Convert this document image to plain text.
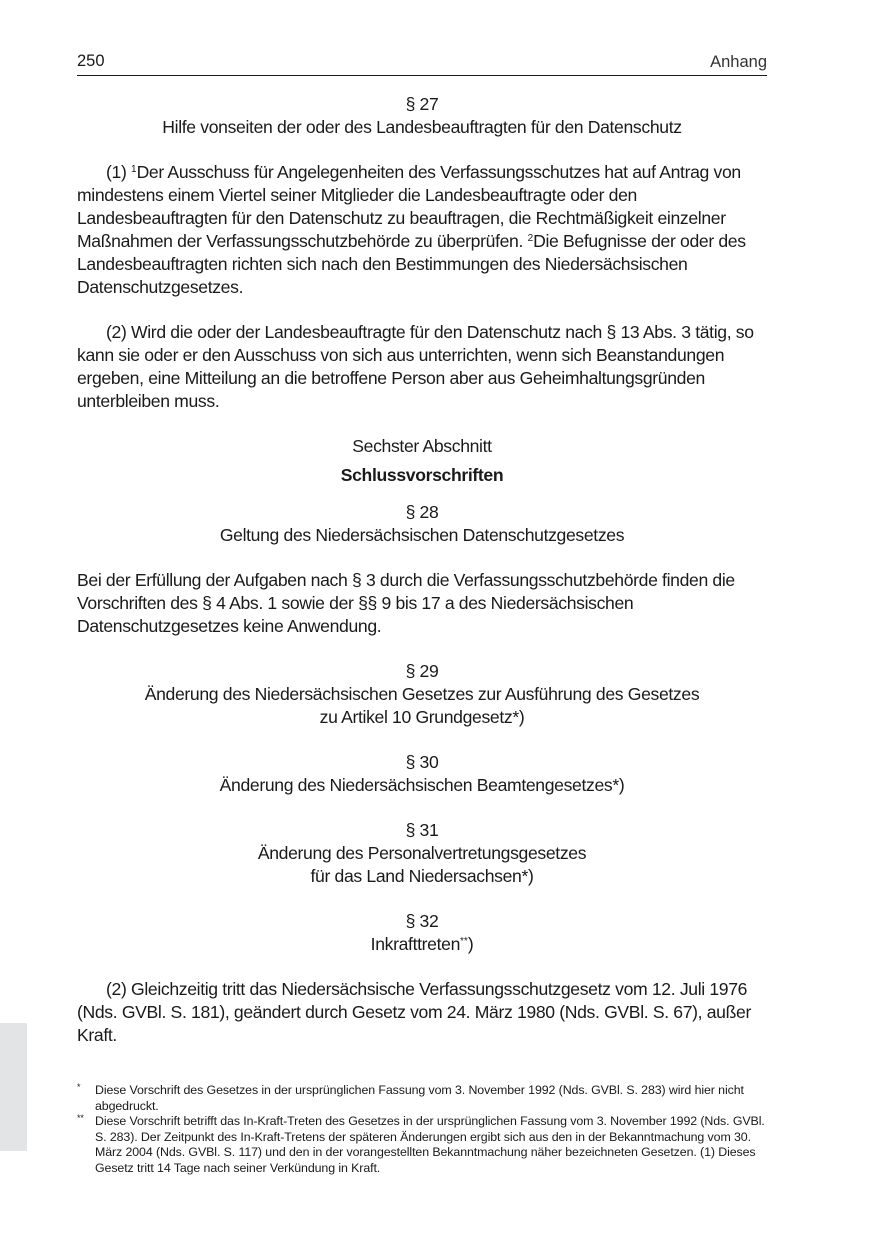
250	Anhang
§ 27
Hilfe vonseiten der oder des Landesbeauftragten für den Datenschutz

(1) $^1$Der Ausschuss für Angelegenheiten des Verfassungsschutzes hat auf Antrag von mindestens einem Viertel seiner Mitglieder die Landesbeauftragte oder den Landesbeauftragten für den Datenschutz zu beauftragen, die Rechtmäßigkeit einzelner Maßnahmen der Verfassungsschutzbehörde zu überprüfen. $^2$Die Befugnisse der oder des Landesbeauftragten richten sich nach den Bestimmungen des Niedersächsischen Datenschutzgesetzes.

(2) Wird die oder der Landesbeauftragte für den Datenschutz nach § 13 Abs. 3 tätig, so kann sie oder er den Ausschuss von sich aus unterrichten, wenn sich Beanstandungen ergeben, eine Mitteilung an die betroffene Person aber aus Geheimhaltungsgründen unterbleiben muss.

Sechster Abschnitt
Schlussvorschriften
§ 28
Geltung des Niedersächsischen Datenschutzgesetzes

Bei der Erfüllung der Aufgaben nach § 3 durch die Verfassungsschutzbehörde finden die Vorschriften des § 4 Abs. 1 sowie der §§ 9 bis 17 a des Niedersächsischen Datenschutzgesetzes keine Anwendung.

§ 29
Änderung des Niedersächsischen Gesetzes zur Ausführung des Gesetzes
zu Artikel 10 Grundgesetz*)
§ 30
Änderung des Niedersächsischen Beamtengesetzes*)
§ 31
Änderung des Personalvertretungsgesetzes
für das Land Niedersachsen*)
§ 32
Inkrafttreten**)

(2) Gleichzeitig tritt das Niedersächsische Verfassungsschutzgesetz vom 12. Juli 1976 (Nds. GVBl. S. 181), geändert durch Gesetz vom 24. März 1980 (Nds. GVBl. S. 67), außer Kraft.

* Diese Vorschrift des Gesetzes in der ursprünglichen Fassung vom 3. November 1992 (Nds. GVBl. S. 283) wird hier nicht abgedruckt.
** Diese Vorschrift betrifft das In-Kraft-Treten des Gesetzes in der ursprünglichen Fassung vom 3. November 1992 (Nds. GVBl. S. 283). Der Zeitpunkt des In-Kraft-Tretens der späteren Änderungen ergibt sich aus den in der Bekanntmachung vom 30. März 2004 (Nds. GVBl. S. 117) und den in der vorangestellten Bekanntmachung näher bezeichneten Gesetzen. (1) Dieses Gesetz tritt 14 Tage nach seiner Verkündung in Kraft.
